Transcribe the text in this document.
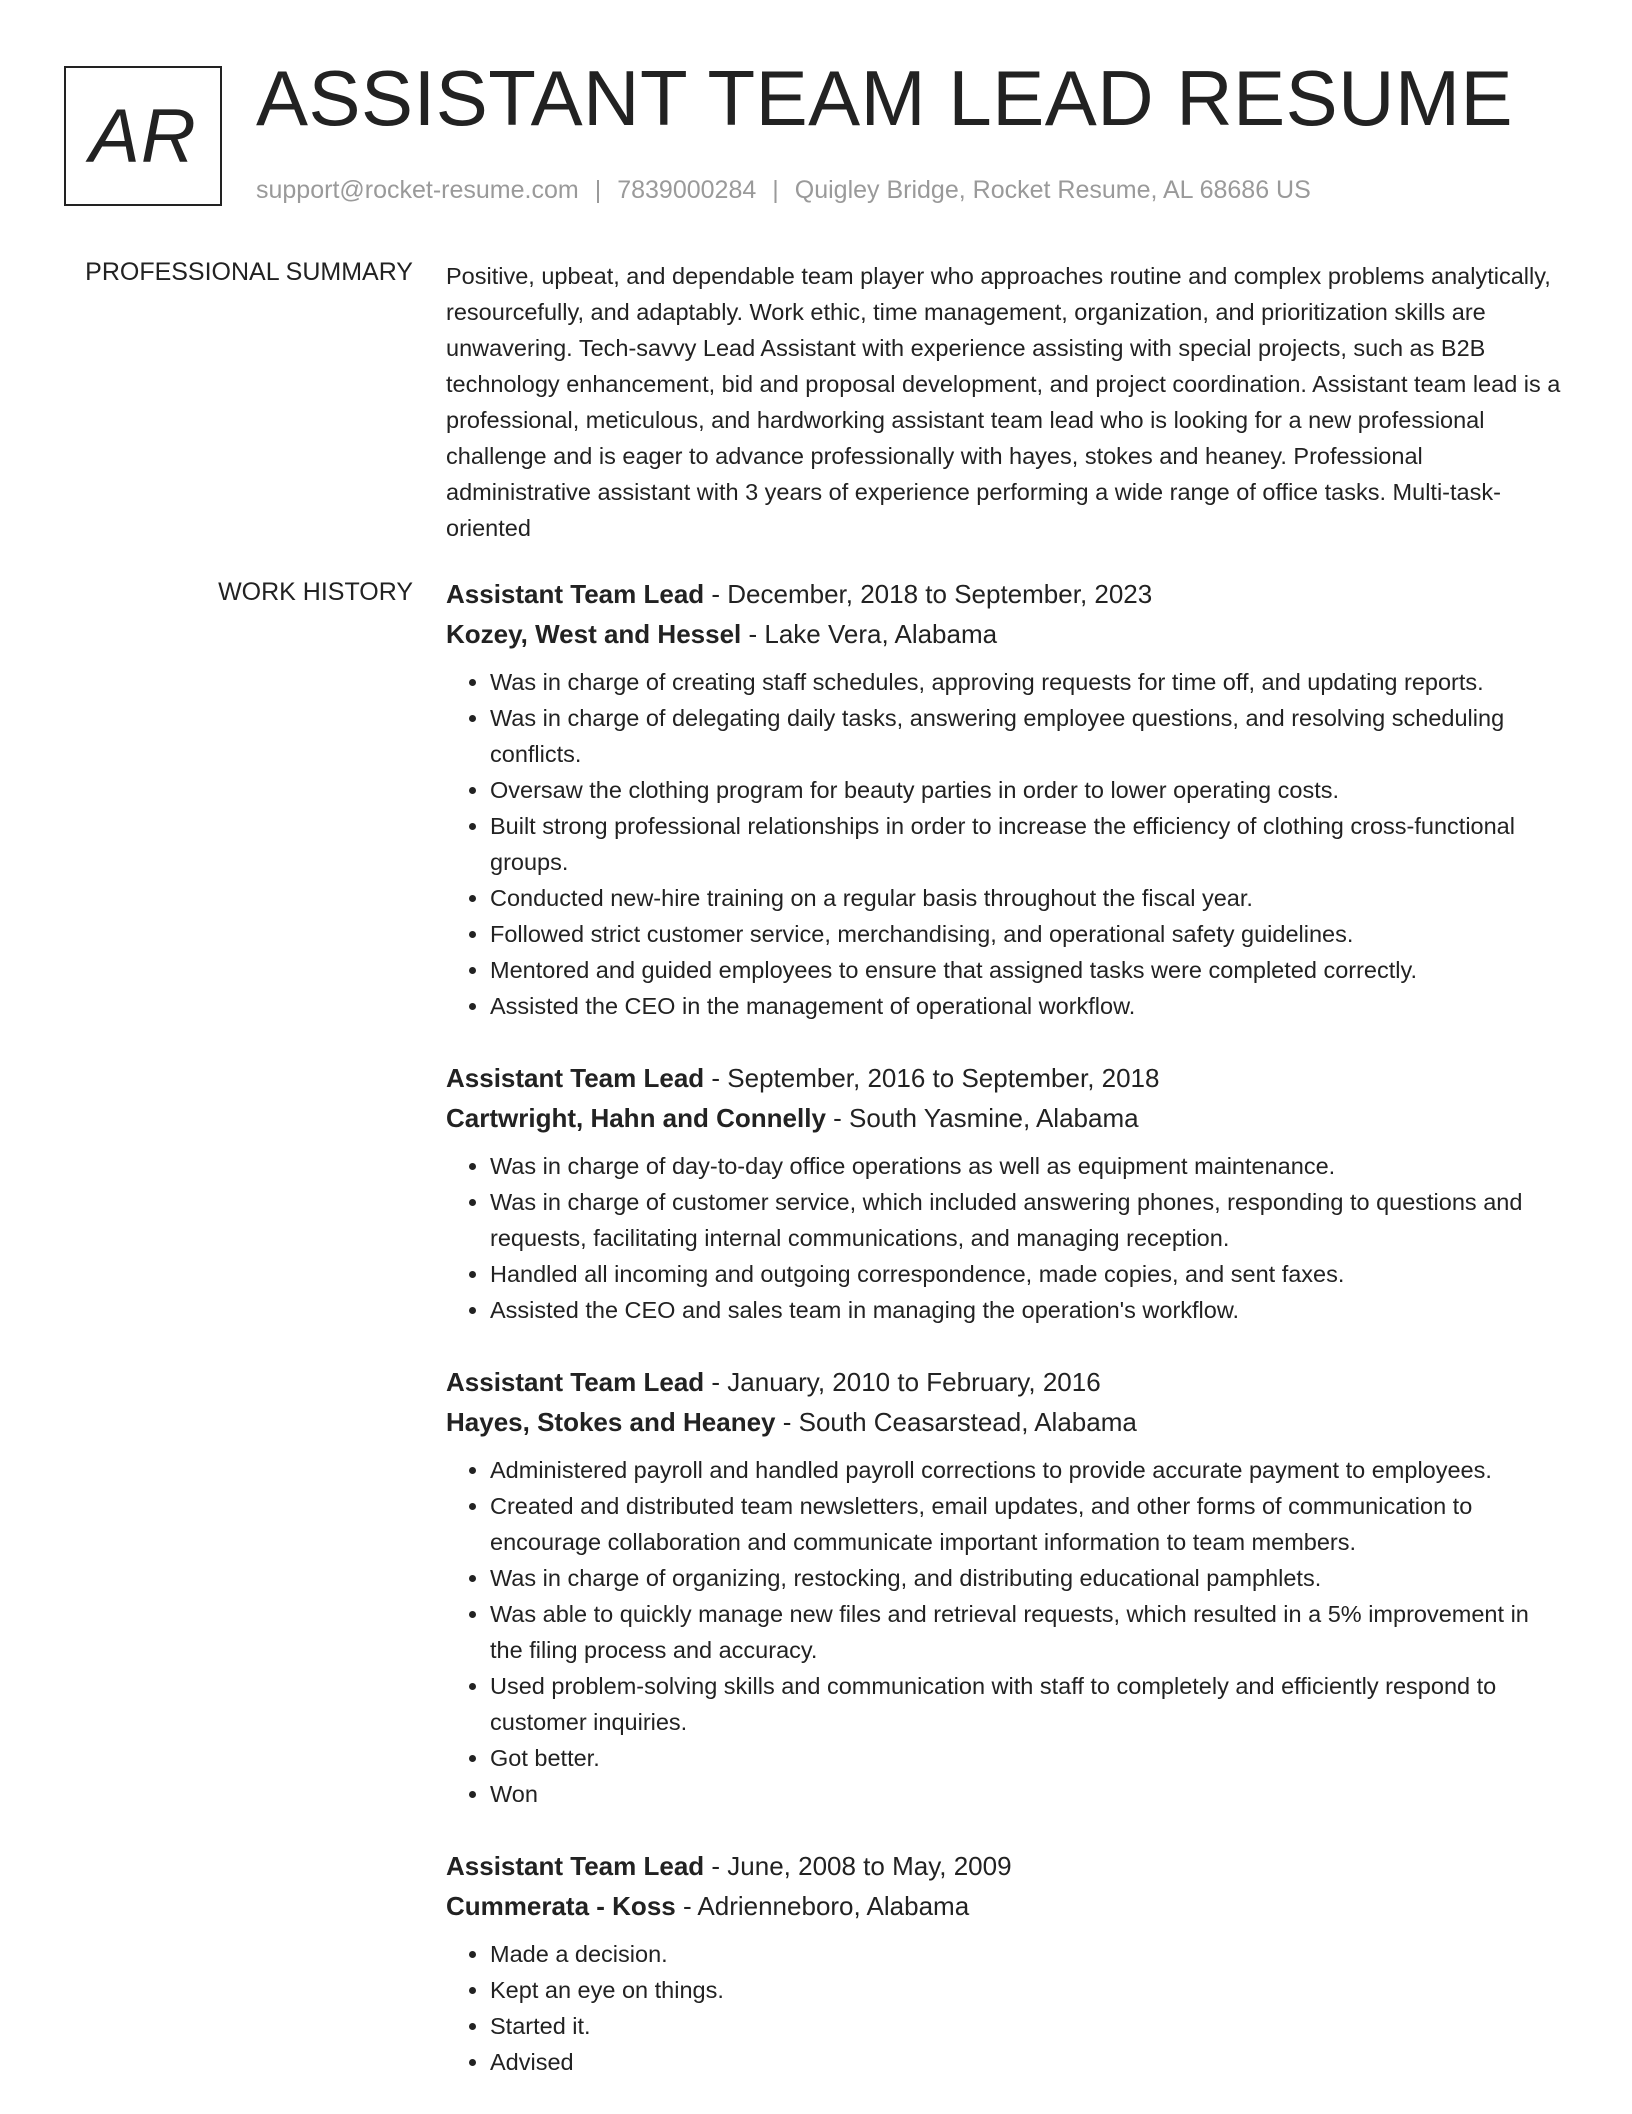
AR ASSISTANT TEAM LEAD RESUME
support@rocket-resume.com | 7839000284 | Quigley Bridge, Rocket Resume, AL 68686 US
PROFESSIONAL SUMMARY Positive, upbeat, and dependable team player who approaches routine and complex problems analytically, resourcefully, and adaptably. Work ethic, time management, organization, and prioritization skills are unwavering. Tech-savvy Lead Assistant with experience assisting with special projects, such as B2B technology enhancement, bid and proposal development, and project coordination. Assistant team lead is a professional, meticulous, and hardworking assistant team lead who is looking for a new professional challenge and is eager to advance professionally with hayes, stokes and heaney. Professional administrative assistant with 3 years of experience performing a wide range of office tasks. Multi-task-oriented

WORK HISTORY Assistant Team Lead - December, 2018 to September, 2023
Kozey, West and Hessel - Lake Vera, Alabama
• Was in charge of creating staff schedules, approving requests for time off, and updating reports.
• Was in charge of delegating daily tasks, answering employee questions, and resolving scheduling conflicts.
• Oversaw the clothing program for beauty parties in order to lower operating costs.
• Built strong professional relationships in order to increase the efficiency of clothing cross-functional groups.
• Conducted new-hire training on a regular basis throughout the fiscal year.
• Followed strict customer service, merchandising, and operational safety guidelines.
• Mentored and guided employees to ensure that assigned tasks were completed correctly.
• Assisted the CEO in the management of operational workflow.
Assistant Team Lead - September, 2016 to September, 2018
Cartwright, Hahn and Connelly - South Yasmine, Alabama
• Was in charge of day-to-day office operations as well as equipment maintenance.
• Was in charge of customer service, which included answering phones, responding to questions and requests, facilitating internal communications, and managing reception.
• Handled all incoming and outgoing correspondence, made copies, and sent faxes.
• Assisted the CEO and sales team in managing the operation's workflow.
Assistant Team Lead - January, 2010 to February, 2016
Hayes, Stokes and Heaney - South Ceasarstead, Alabama
• Administered payroll and handled payroll corrections to provide accurate payment to employees.
• Created and distributed team newsletters, email updates, and other forms of communication to encourage collaboration and communicate important information to team members.
• Was in charge of organizing, restocking, and distributing educational pamphlets.
• Was able to quickly manage new files and retrieval requests, which resulted in a 5% improvement in the filing process and accuracy.
• Used problem-solving skills and communication with staff to completely and efficiently respond to customer inquiries.
• Got better.
• Won
Assistant Team Lead - June, 2008 to May, 2009
Cummerata - Koss - Adrienneboro, Alabama
• Made a decision.
• Kept an eye on things.
• Started it.
• Advised
